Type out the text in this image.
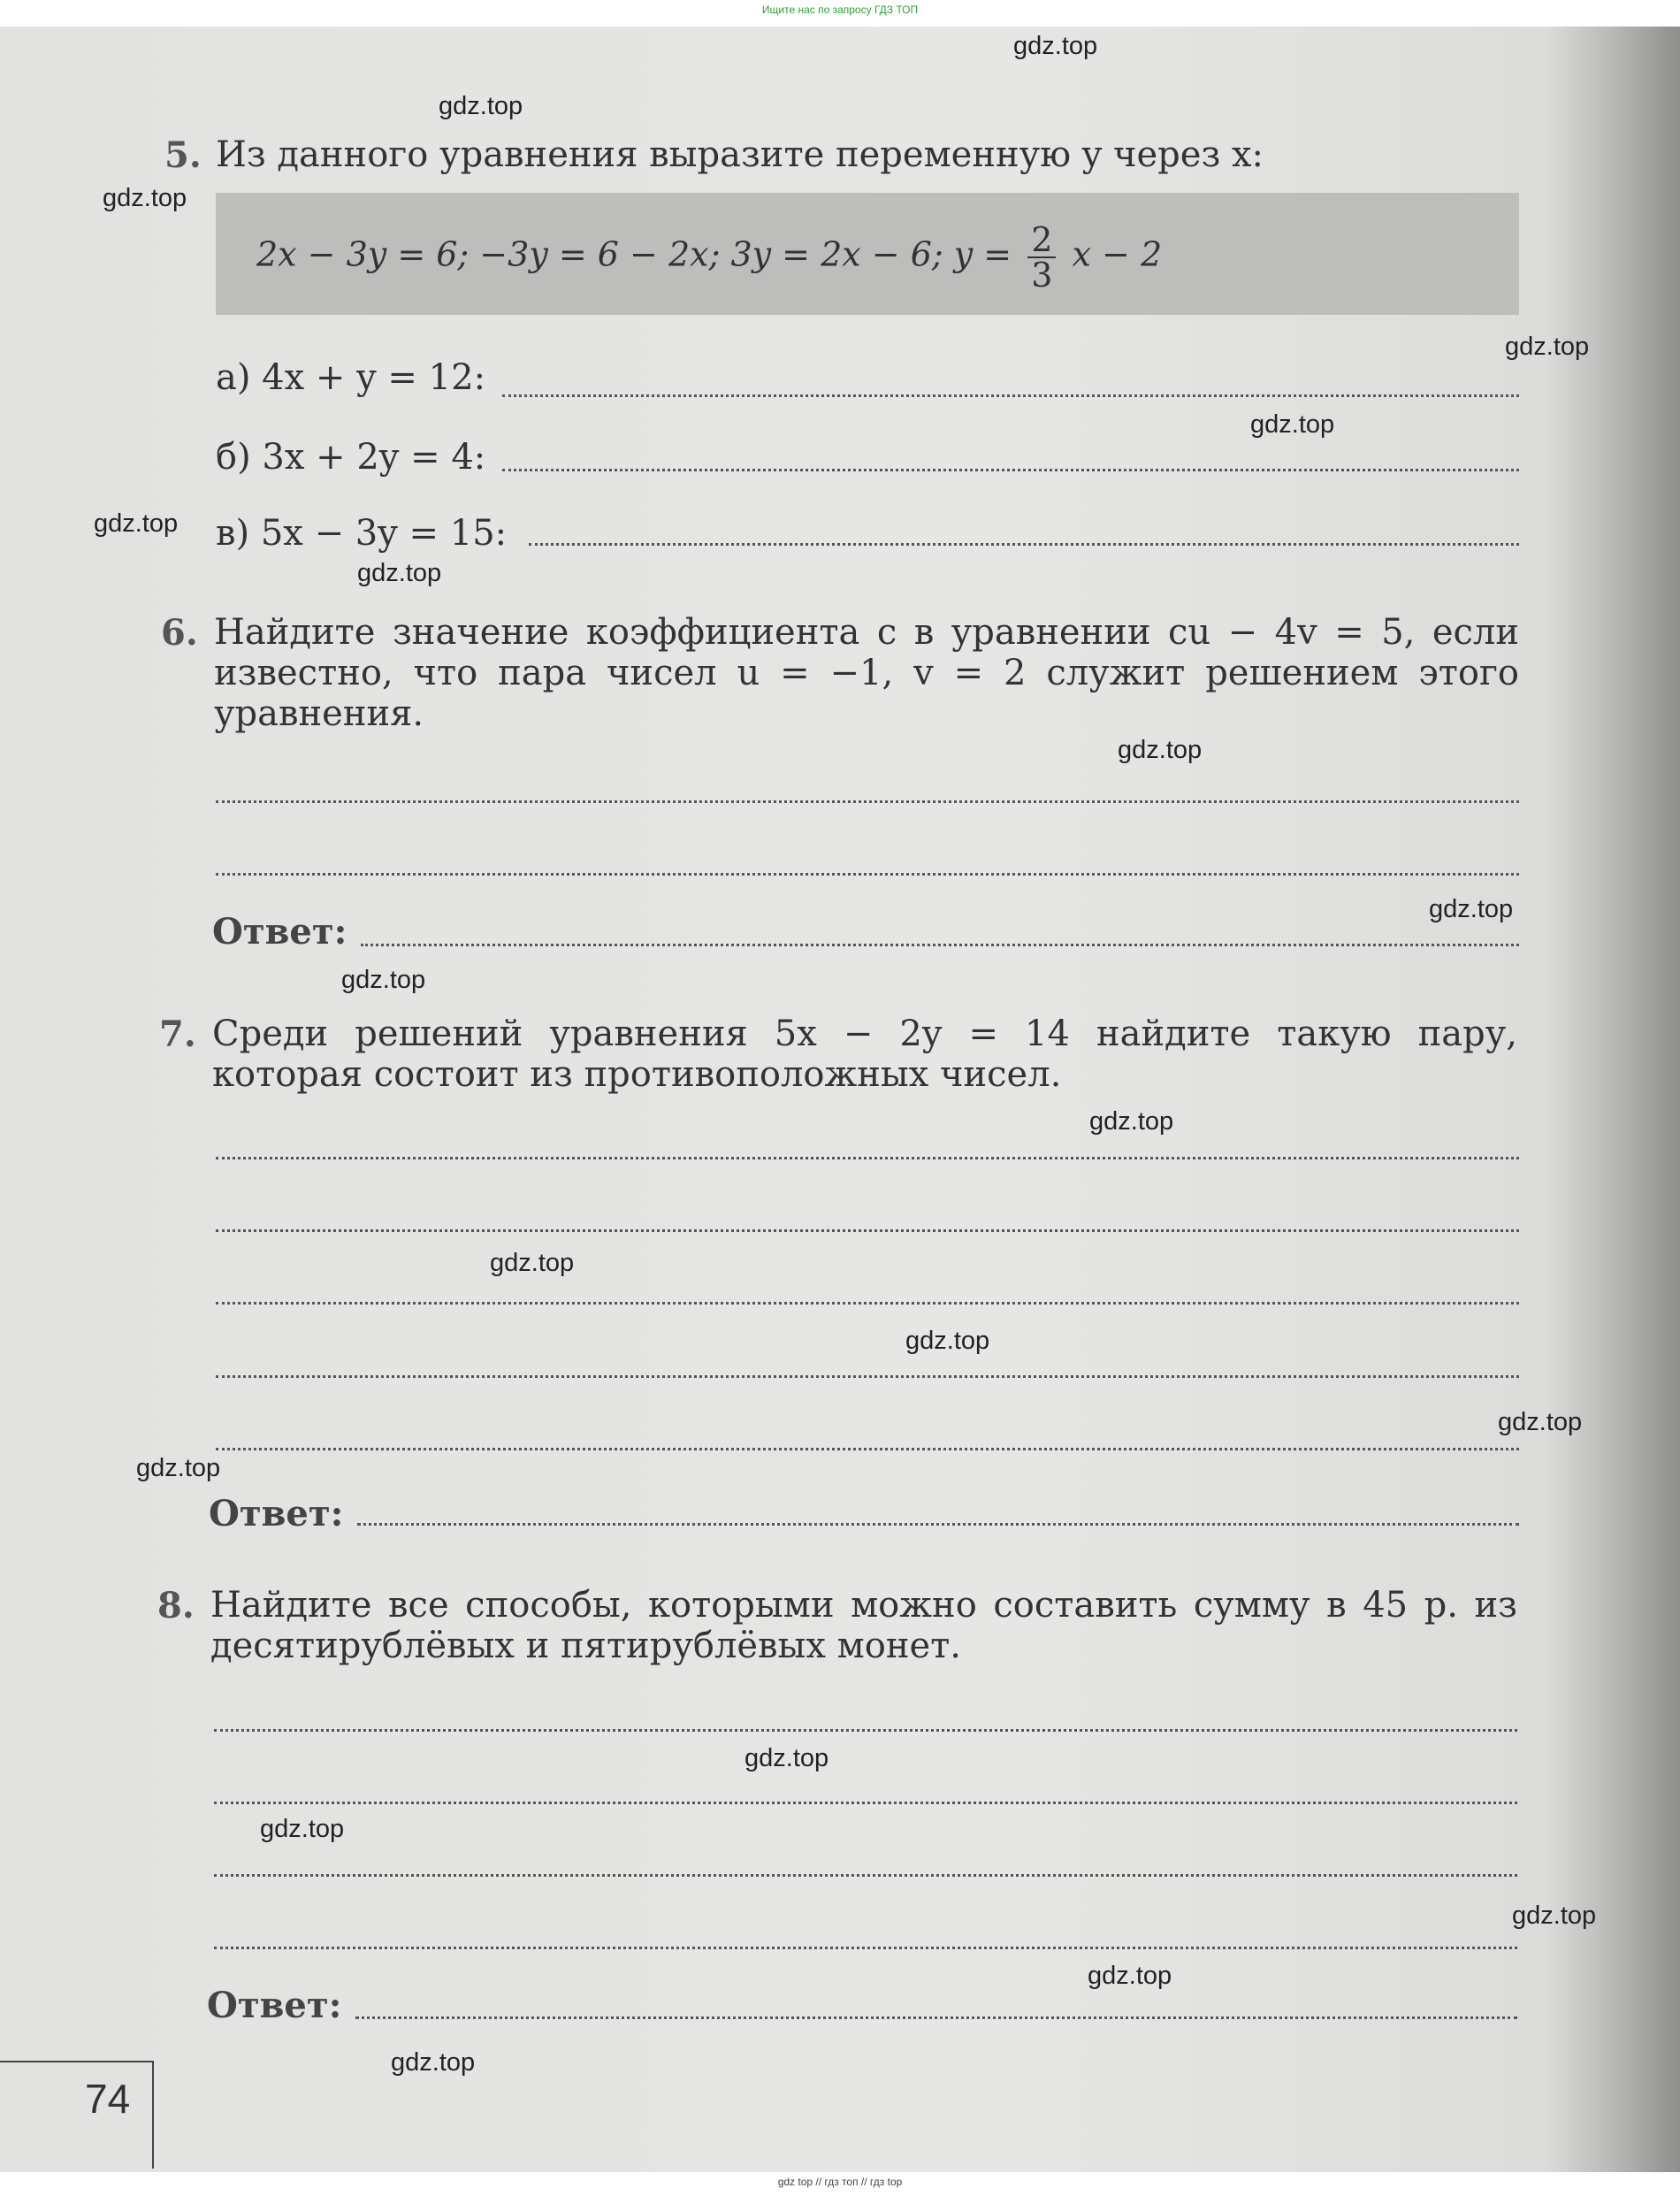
Ищите нас по запросу ГДЗ ТОП
5. Из данного уравнения выразите переменную y через x:
2x − 3y = 6; −3y = 6 − 2x; 3y = 2x − 6; $y = \frac{2}{3}$ x − 2
а) 4x + y = 12:
б) 3x + 2y = 4:
в) 5x − 3y = 15:
6. Найдите значение коэффициента c в уравнении cu − 4v = 5, если известно, что пара чисел u = −1, v = 2 служит решением этого уравнения.
Ответ:
7. Среди решений уравнения 5x − 2y = 14 найдите такую пару, которая состоит из противоположных чисел.
Ответ:
8. Найдите все способы, которыми можно составить сумму в 45 р. из десятирублёвых и пятирублёвых монет.
Ответ:
74
gdz.top
gdz.top
gdz.top
gdz.top
gdz.top
gdz.top
gdz.top
gdz.top
gdz.top
gdz.top
gdz.top
gdz.top
gdz.top
gdz.top
gdz.top
gdz.top
gdz.top
gdz.top
gdz.top
gdz.top
gdz top // гдз топ // гдз top
